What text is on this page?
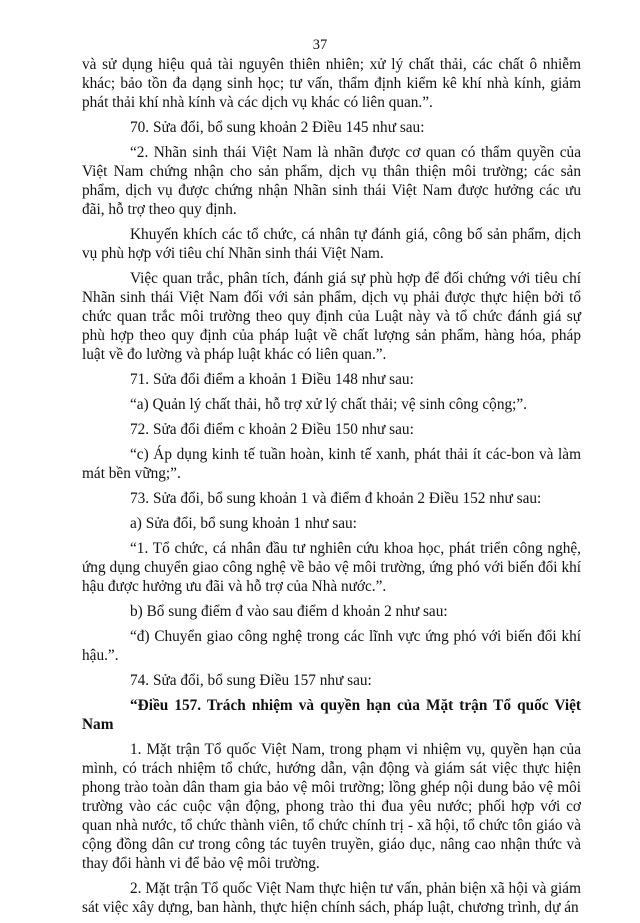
37

và sử dụng hiệu quả tài nguyên thiên nhiên; xử lý chất thải, các chất ô nhiễm khác; bảo tồn đa dạng sinh học; tư vấn, thẩm định kiểm kê khí nhà kính, giảm phát thải khí nhà kính và các dịch vụ khác có liên quan.”.

70. Sửa đổi, bổ sung khoản 2 Điều 145 như sau:

“2. Nhãn sinh thái Việt Nam là nhãn được cơ quan có thẩm quyền của Việt Nam chứng nhận cho sản phẩm, dịch vụ thân thiện môi trường; các sản phẩm, dịch vụ được chứng nhận Nhãn sinh thái Việt Nam được hưởng các ưu đãi, hỗ trợ theo quy định.

Khuyến khích các tổ chức, cá nhân tự đánh giá, công bố sản phẩm, dịch vụ phù hợp với tiêu chí Nhãn sinh thái Việt Nam.

Việc quan trắc, phân tích, đánh giá sự phù hợp để đối chứng với tiêu chí Nhãn sinh thái Việt Nam đối với sản phẩm, dịch vụ phải được thực hiện bởi tổ chức quan trắc môi trường theo quy định của Luật này và tổ chức đánh giá sự phù hợp theo quy định của pháp luật về chất lượng sản phẩm, hàng hóa, pháp luật về đo lường và pháp luật khác có liên quan.”.

71. Sửa đổi điểm a khoản 1 Điều 148 như sau:

“a) Quản lý chất thải, hỗ trợ xử lý chất thải; vệ sinh công cộng;”.

72. Sửa đổi điểm c khoản 2 Điều 150 như sau:

“c) Áp dụng kinh tế tuần hoàn, kinh tế xanh, phát thải ít các-bon và làm mát bền vững;”.

73. Sửa đổi, bổ sung khoản 1 và điểm đ khoản 2 Điều 152 như sau:

a) Sửa đổi, bổ sung khoản 1 như sau:

“1. Tổ chức, cá nhân đầu tư nghiên cứu khoa học, phát triển công nghệ, ứng dụng chuyển giao công nghệ về bảo vệ môi trường, ứng phó với biến đổi khí hậu được hưởng ưu đãi và hỗ trợ của Nhà nước.”.

b) Bổ sung điểm đ vào sau điểm d khoản 2 như sau:

“đ) Chuyển giao công nghệ trong các lĩnh vực ứng phó với biến đổi khí hậu.”.

74. Sửa đổi, bổ sung Điều 157 như sau:

“Điều 157. Trách nhiệm và quyền hạn của Mặt trận Tổ quốc Việt Nam

1. Mặt trận Tổ quốc Việt Nam, trong phạm vi nhiệm vụ, quyền hạn của mình, có trách nhiệm tổ chức, hướng dẫn, vận động và giám sát việc thực hiện phong trào toàn dân tham gia bảo vệ môi trường; lồng ghép nội dung bảo vệ môi trường vào các cuộc vận động, phong trào thi đua yêu nước; phối hợp với cơ quan nhà nước, tổ chức thành viên, tổ chức chính trị - xã hội, tổ chức tôn giáo và cộng đồng dân cư trong công tác tuyên truyền, giáo dục, nâng cao nhận thức và thay đổi hành vi để bảo vệ môi trường.

2. Mặt trận Tổ quốc Việt Nam thực hiện tư vấn, phản biện xã hội và giám sát việc xây dựng, ban hành, thực hiện chính sách, pháp luật, chương trình, dự án
